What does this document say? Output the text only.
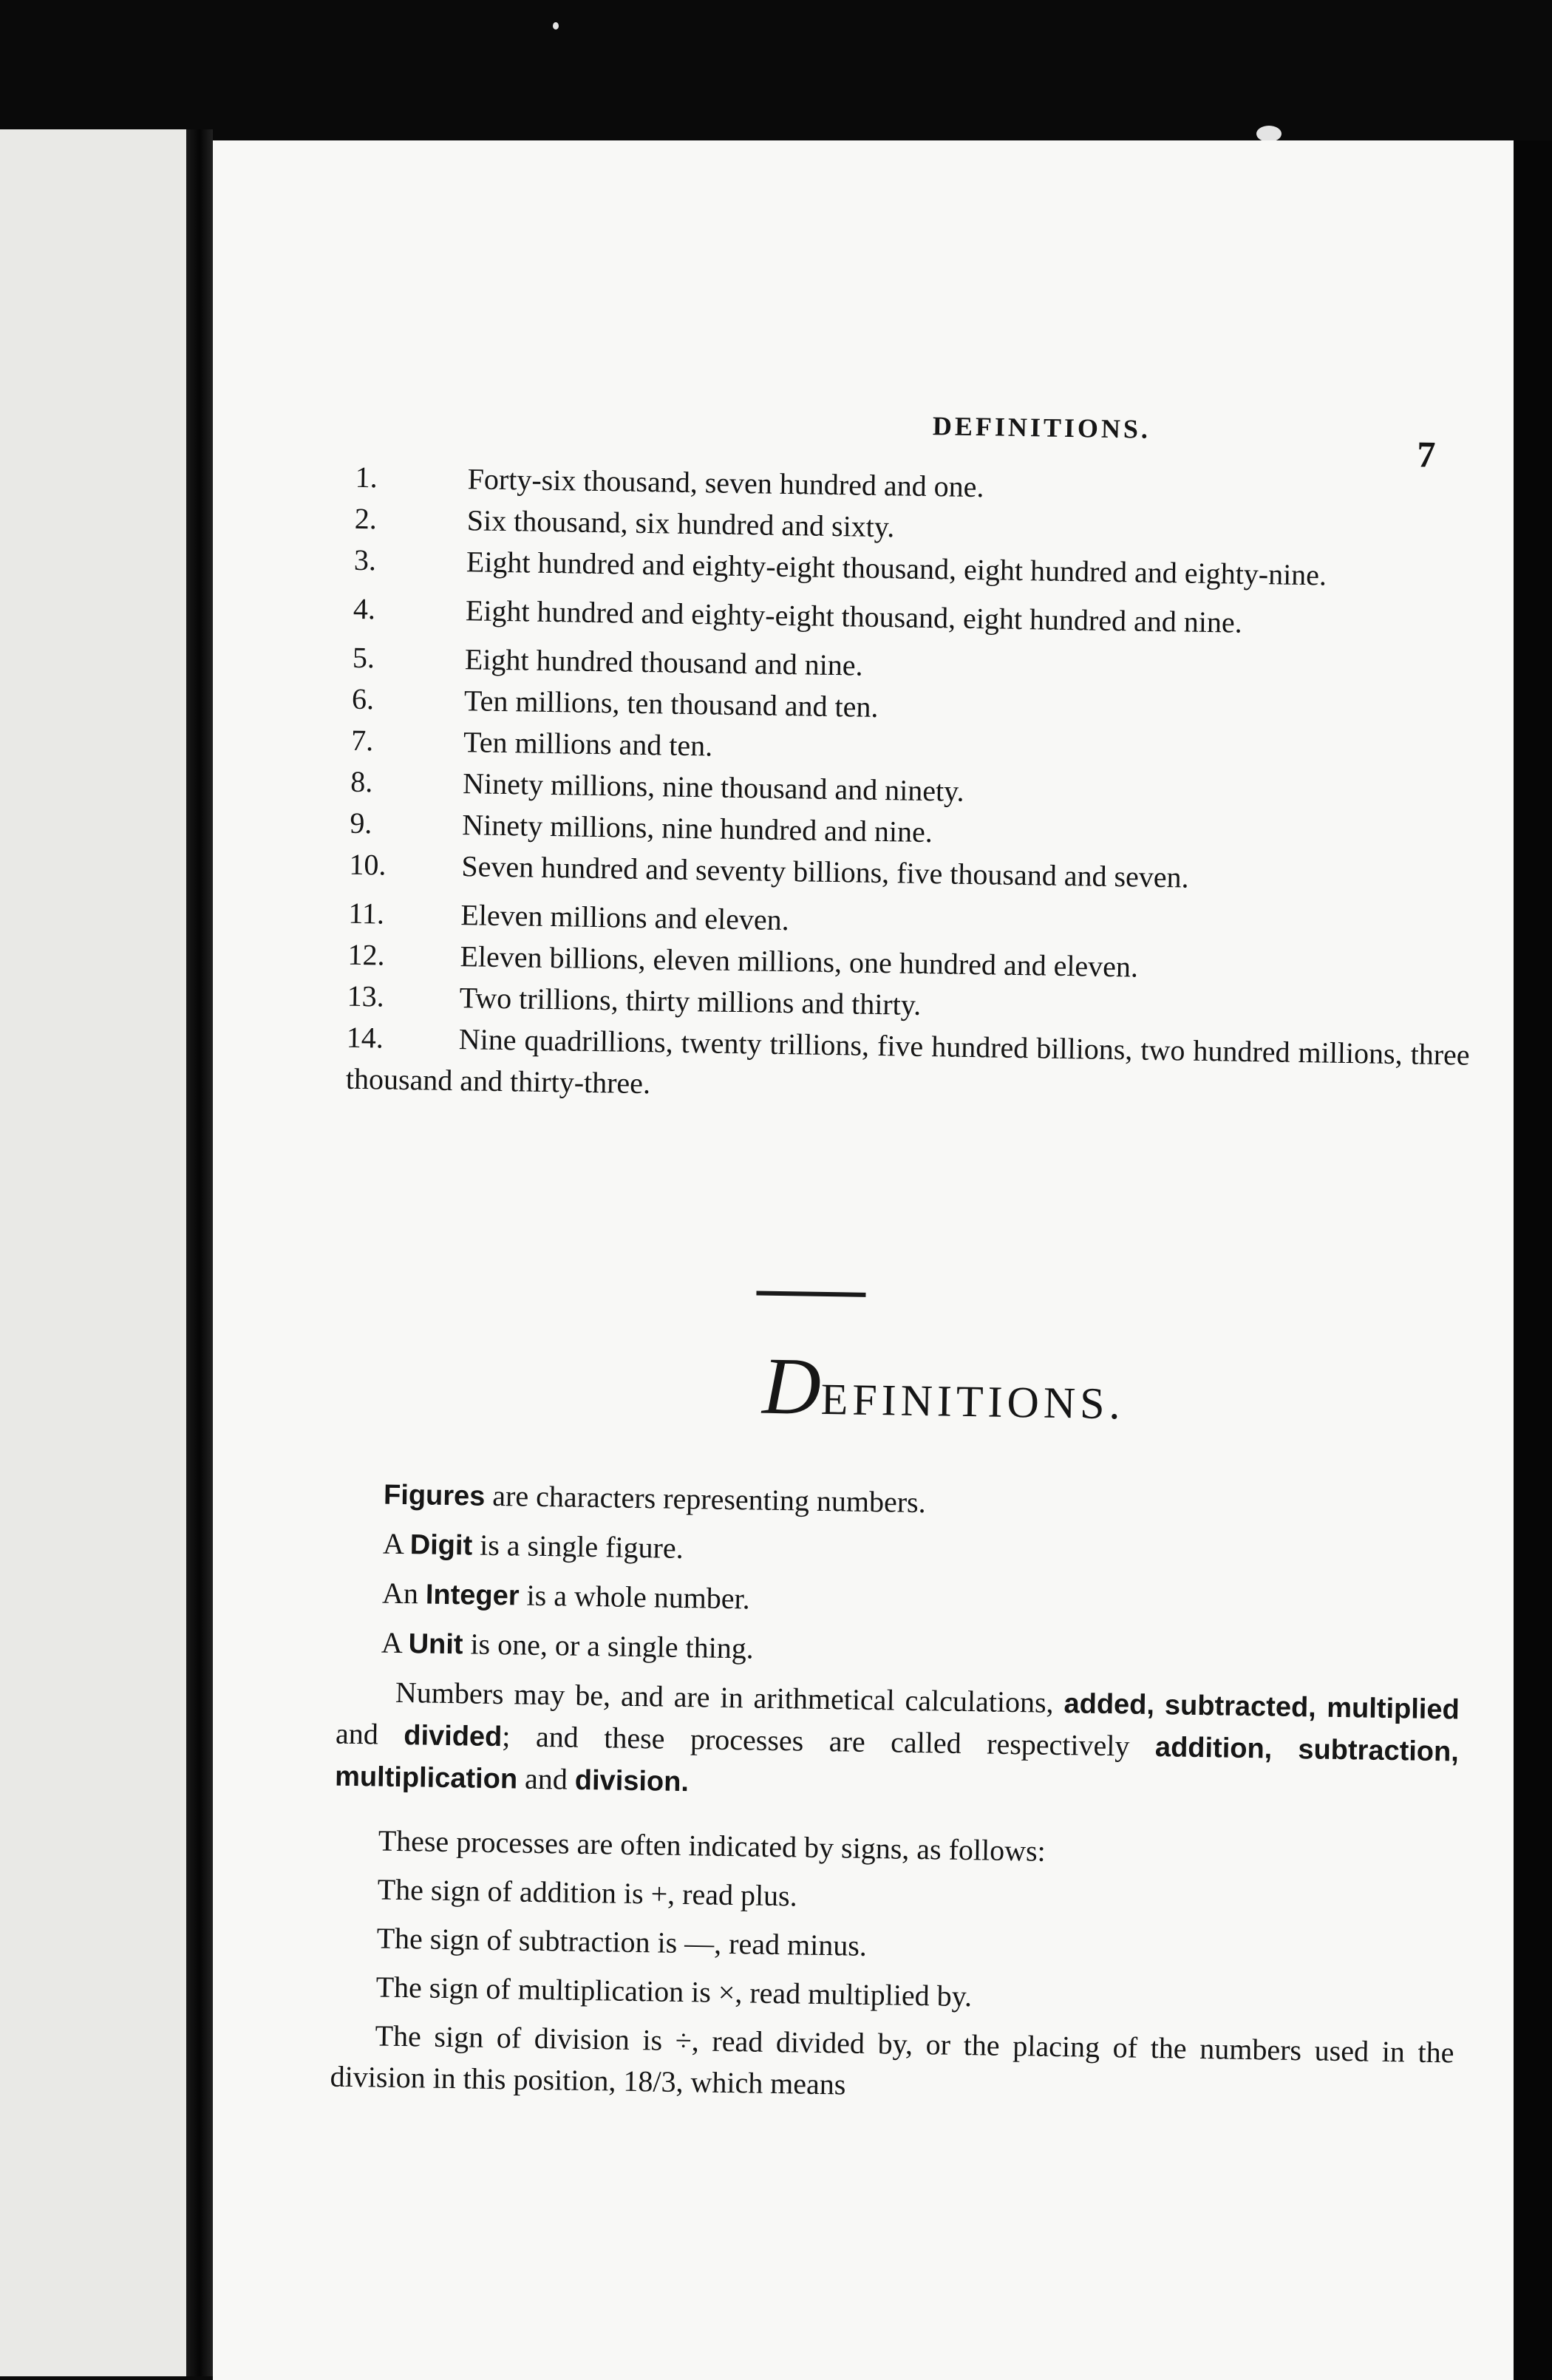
DEFINITIONS.
7

1.	Forty-six thousand, seven hundred and one.

2.	Six thousand, six hundred and sixty.

3.	Eight hundred and eighty-eight thousand, eight hundred and eighty-nine.

4.	Eight hundred and eighty-eight thousand, eight hundred and nine.

5.	Eight hundred thousand and nine.

6.	Ten millions, ten thousand and ten.

7.	Ten millions and ten.

8.	Ninety millions, nine thousand and ninety.

9.	Ninety millions, nine hundred and nine.

10.	Seven hundred and seventy billions, five thousand and seven.

11.	Eleven millions and eleven.

12.	Eleven billions, eleven millions, one hundred and eleven.

13.	Two trillions, thirty millions and thirty.

14.	Nine quadrillions, twenty trillions, five hundred billions, two hundred millions, three thousand and thirty-three.

DEFINITIONS.

Figures are characters representing numbers.

A Digit is a single figure.

An Integer is a whole number.

A Unit is one, or a single thing.

Numbers may be, and are in arithmetical calculations, added, subtracted, multiplied and divided; and these processes are called respectively addition, subtraction, multiplication and division.

These processes are often indicated by signs, as follows:

The sign of addition is +, read plus.

The sign of subtraction is —, read minus.

The sign of multiplication is ×, read multiplied by.

The sign of division is ÷, read divided by, or the placing of the numbers used in the division in this position, 18/3, which means
